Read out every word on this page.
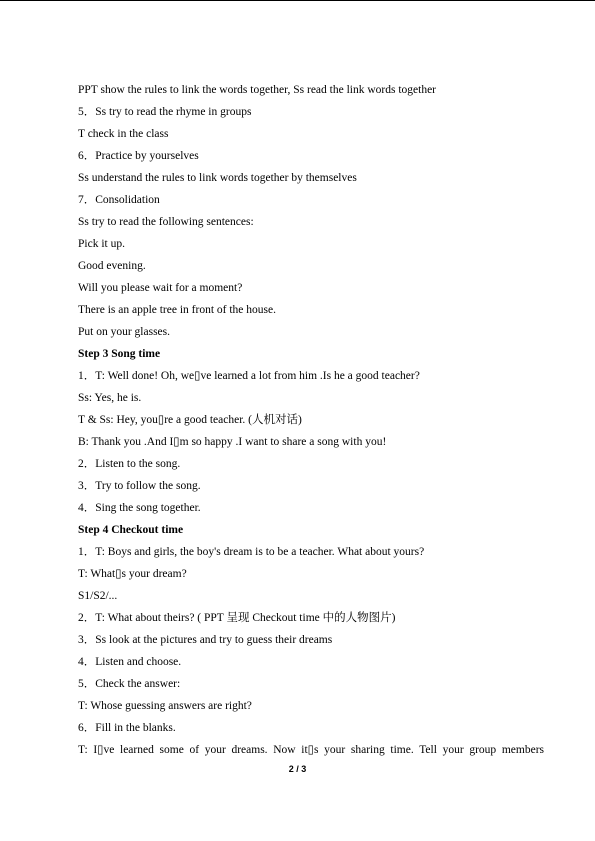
PPT show the rules to link the words together, Ss read the link words together
5．Ss try to read the rhyme in groups
T check in the class
6．Practice by yourselves
Ss understand the rules to link words together by themselves
7．Consolidation
Ss try to read the following sentences:
Pick it up.
Good evening.
Will you please wait for a moment?
There is an apple tree in front of the house.
Put on your glasses.
Step 3 Song time
1．T: Well done! Oh, we▯ve learned a lot from him .Is he a good teacher?
Ss: Yes, he is.
T & Ss: Hey, you▯re a good teacher. (人机对话)
B: Thank you .And I▯m so happy .I want to share a song with you!
2．Listen to the song.
3．Try to follow the song.
4．Sing the song together.
Step 4 Checkout time
1．T: Boys and girls, the boy's dream is to be a teacher. What about yours?
T: What▯s your dream?
S1/S2/...
2．T: What about theirs? ( PPT 呈现 Checkout time 中的人物图片)
3．Ss look at the pictures and try to guess their dreams
4．Listen and choose.
5．Check the answer:
T: Whose guessing answers are right?
6．Fill in the blanks.
T: I▯ve learned some of your dreams. Now it▯s your sharing time. Tell your group members
2 / 3
